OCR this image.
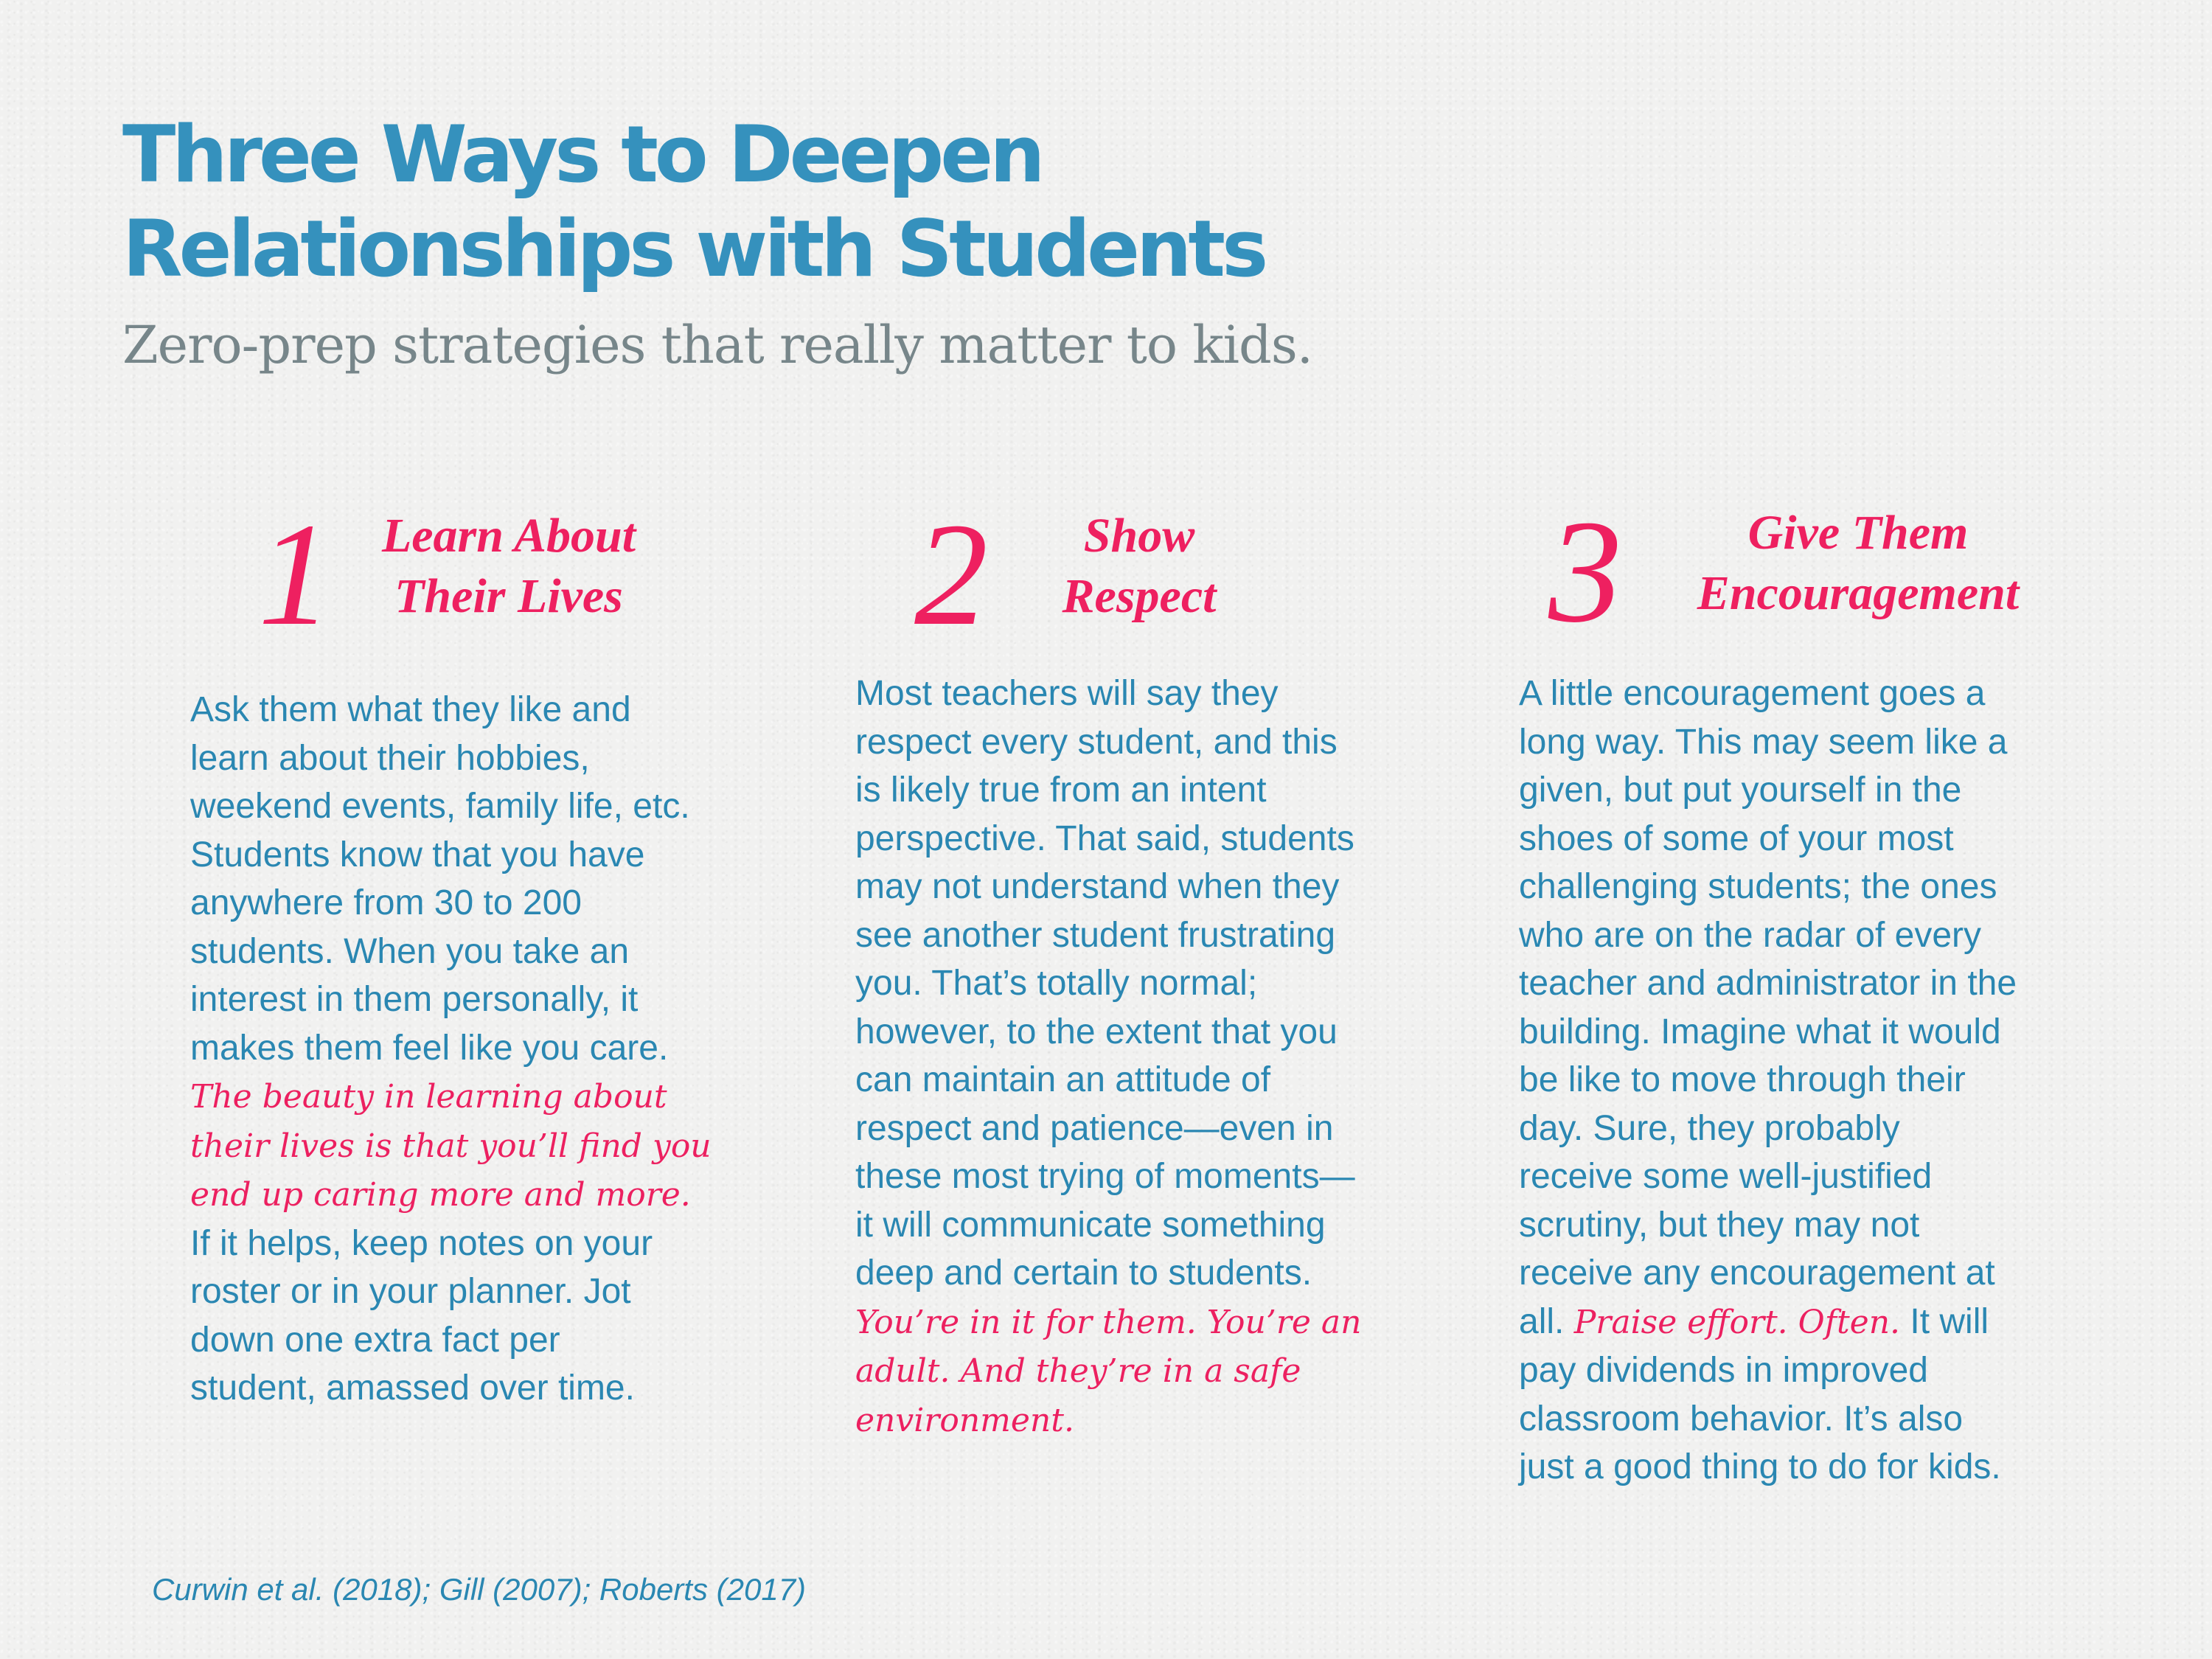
Three Ways to Deepen
Relationships with Students

Zero-prep strategies that really matter to kids.

1	Learn About
Their Lives

Ask them what they like and
learn about their hobbies,
weekend events, family life, etc.
Students know that you have
anywhere from 30 to 200
students. When you take an
interest in them personally, it
makes them feel like you care.
The beauty in learning about
their lives is that you’ll find you
end up caring more and more.
If it helps, keep notes on your
roster or in your planner. Jot
down one extra fact per
student, amassed over time.

2	Show
Respect

Most teachers will say they
respect every student, and this
is likely true from an intent
perspective. That said, students
may not understand when they
see another student frustrating
you. That’s totally normal;
however, to the extent that you
can maintain an attitude of
respect and patience—even in
these most trying of moments—
it will communicate something
deep and certain to students.
You’re in it for them. You’re an
adult. And they’re in a safe
environment.

3	Give Them
Encouragement

A little encouragement goes a
long way. This may seem like a
given, but put yourself in the
shoes of some of your most
challenging students; the ones
who are on the radar of every
teacher and administrator in the
building. Imagine what it would
be like to move through their
day. Sure, they probably
receive some well-justified
scrutiny, but they may not
receive any encouragement at
all. Praise effort. Often. It will
pay dividends in improved
classroom behavior. It’s also
just a good thing to do for kids.

Curwin et al. (2018); Gill (2007); Roberts (2017)
